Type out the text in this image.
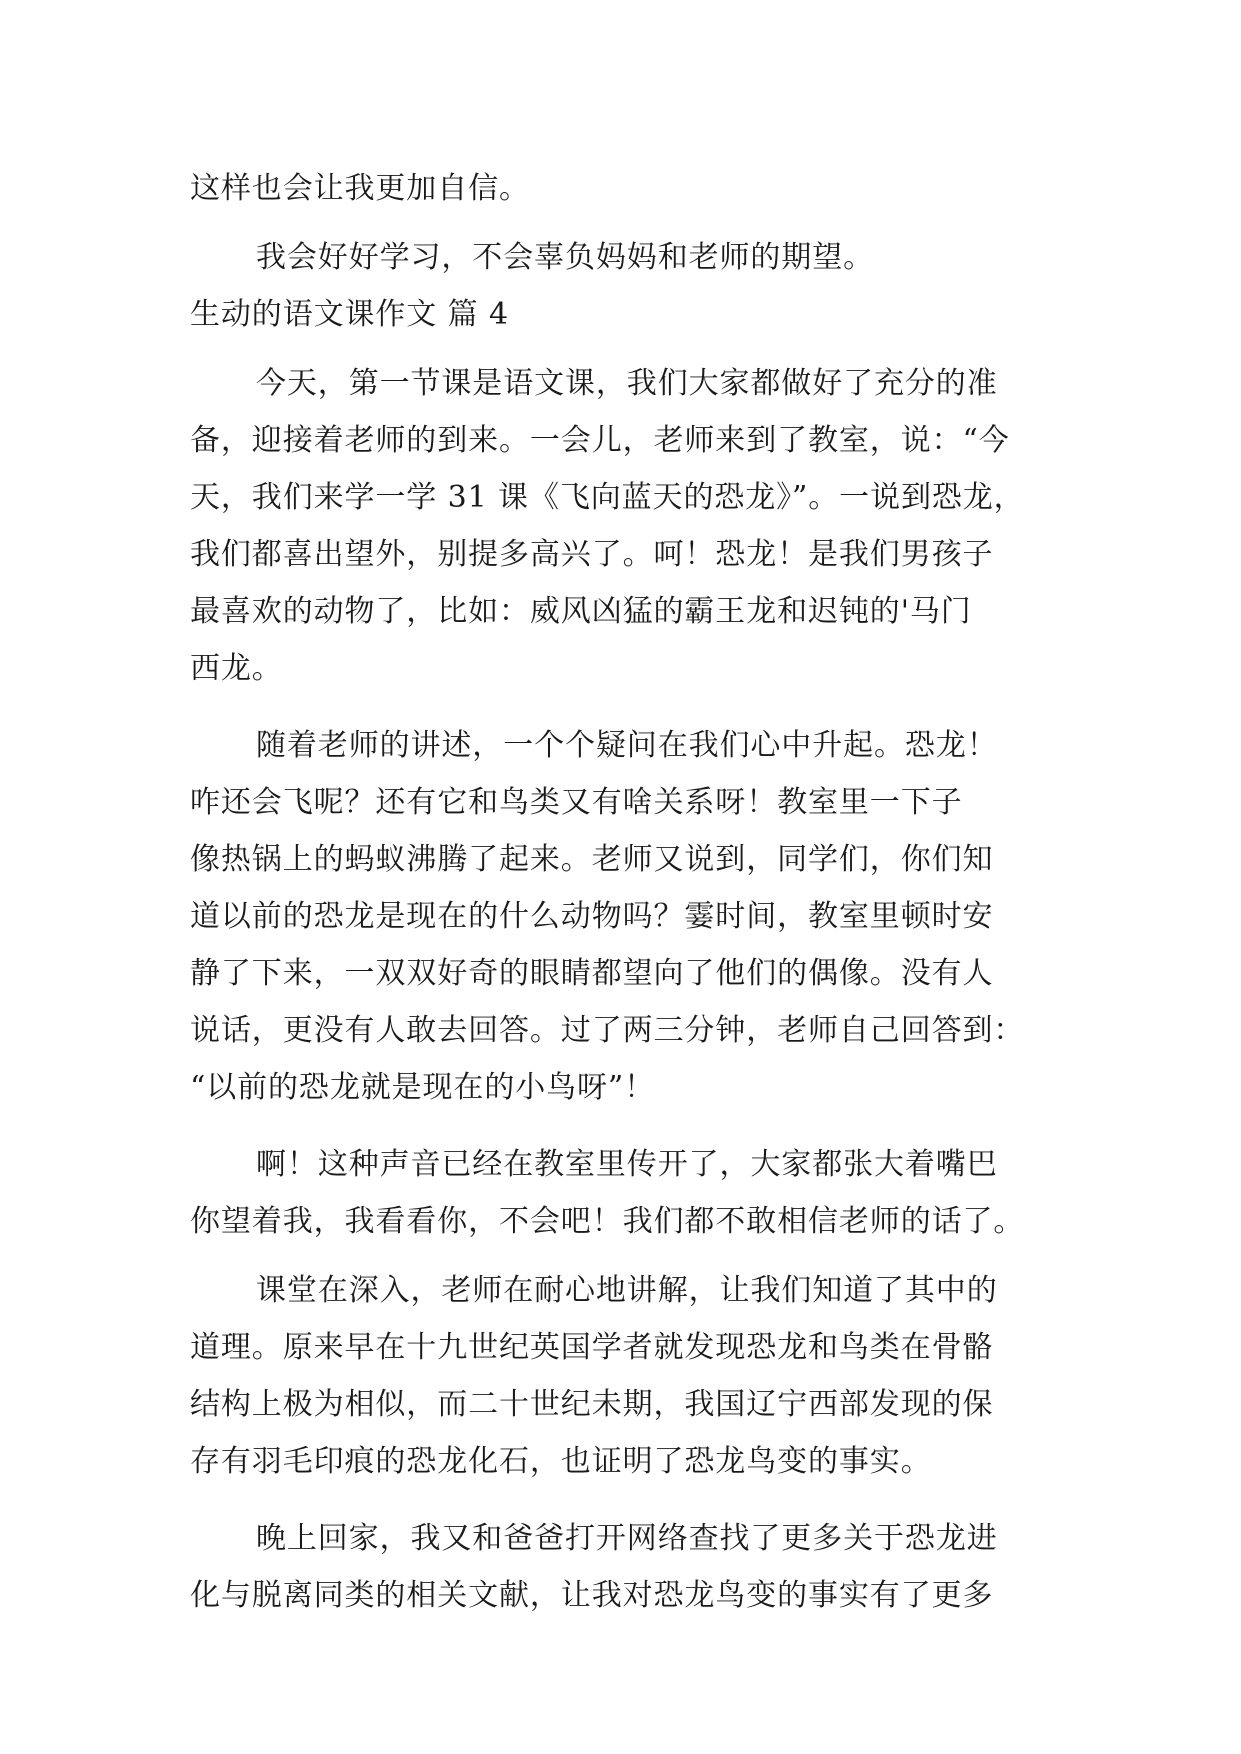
这样也会让我更加自信。
我会好好学习，不会辜负妈妈和老师的期望。
生动的语文课作文 篇 4
今天，第一节课是语文课，我们大家都做好了充分的准
备，迎接着老师的到来。一会儿，老师来到了教室，说：“今
天，我们来学一学 31 课《飞向蓝天的恐龙》”。一说到恐龙，
我们都喜出望外，别提多高兴了。呵！恐龙！是我们男孩子
最喜欢的动物了，比如：威风凶猛的霸王龙和迟钝的'马门
西龙。
随着老师的讲述，一个个疑问在我们心中升起。恐龙！
咋还会飞呢？还有它和鸟类又有啥关系呀！教室里一下子
像热锅上的蚂蚁沸腾了起来。老师又说到，同学们，你们知
道以前的恐龙是现在的什么动物吗？霎时间，教室里顿时安
静了下来，一双双好奇的眼睛都望向了他们的偶像。没有人
说话，更没有人敢去回答。过了两三分钟，老师自己回答到：
“以前的恐龙就是现在的小鸟呀”！
啊！这种声音已经在教室里传开了，大家都张大着嘴巴
你望着我，我看看你，不会吧！我们都不敢相信老师的话了。
课堂在深入，老师在耐心地讲解，让我们知道了其中的
道理。原来早在十九世纪英国学者就发现恐龙和鸟类在骨骼
结构上极为相似，而二十世纪未期，我国辽宁西部发现的保
存有羽毛印痕的恐龙化石，也证明了恐龙鸟变的事实。
晚上回家，我又和爸爸打开网络查找了更多关于恐龙进
化与脱离同类的相关文献，让我对恐龙鸟变的事实有了更多
